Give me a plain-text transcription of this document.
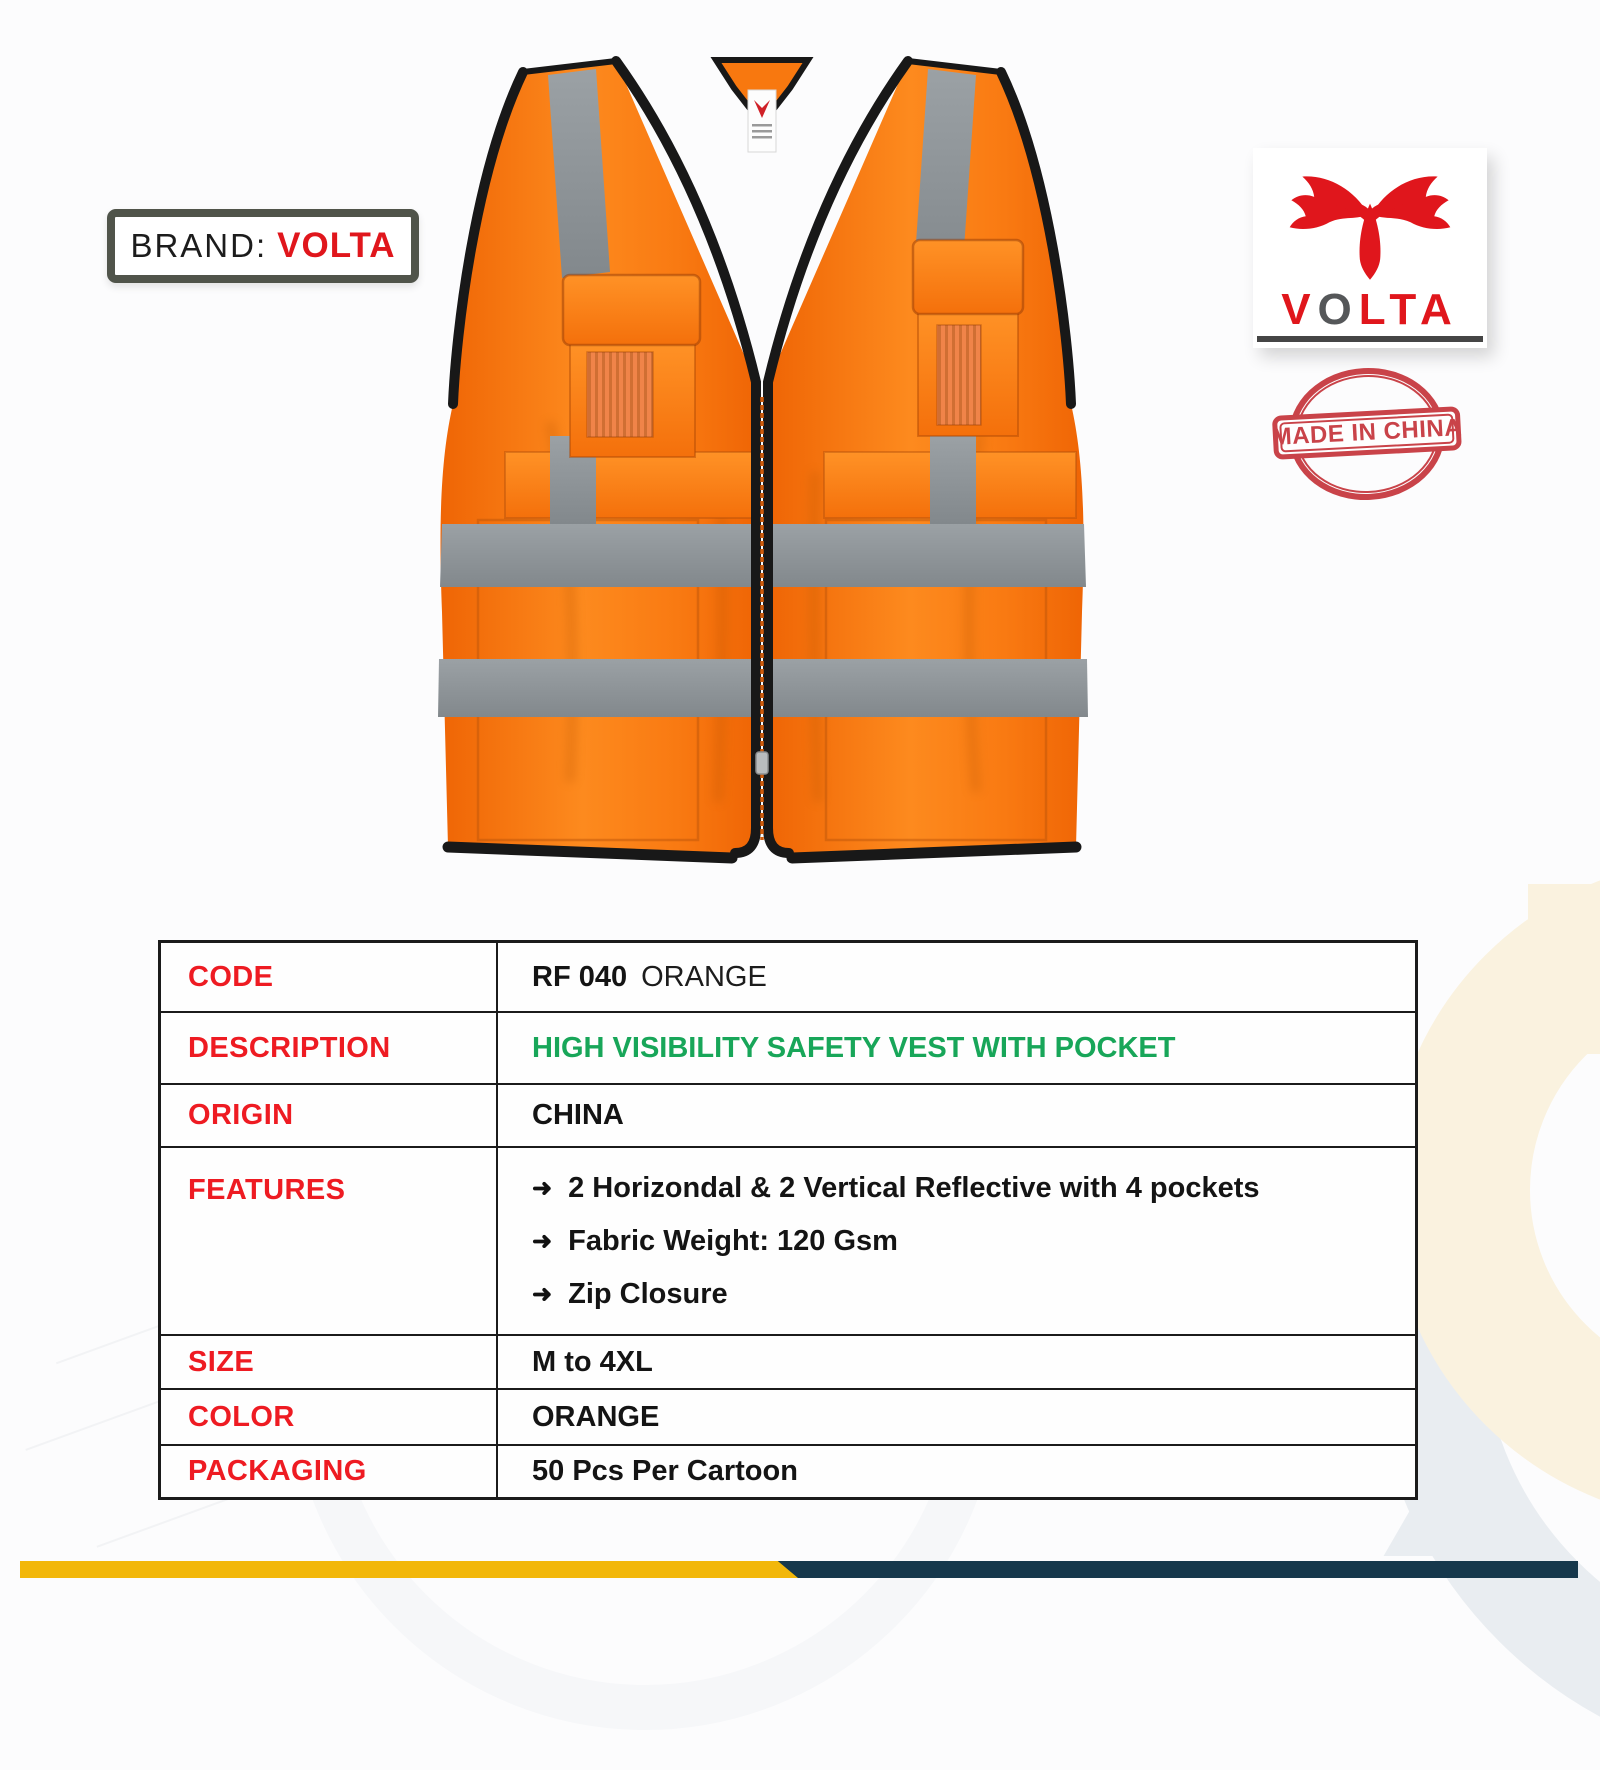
BRAND: VOLTA
VOLTA
MADE IN CHINA
CODE	RF 040 ORANGE
DESCRIPTION	HIGH VISIBILITY SAFETY VEST WITH POCKET
ORIGIN	CHINA
FEATURES	➜ 2 Horizondal & 2 Vertical Reflective with 4 pockets
➜ Fabric Weight: 120 Gsm
➜ Zip Closure
SIZE	M to 4XL
COLOR	ORANGE
PACKAGING	50 Pcs Per Cartoon
